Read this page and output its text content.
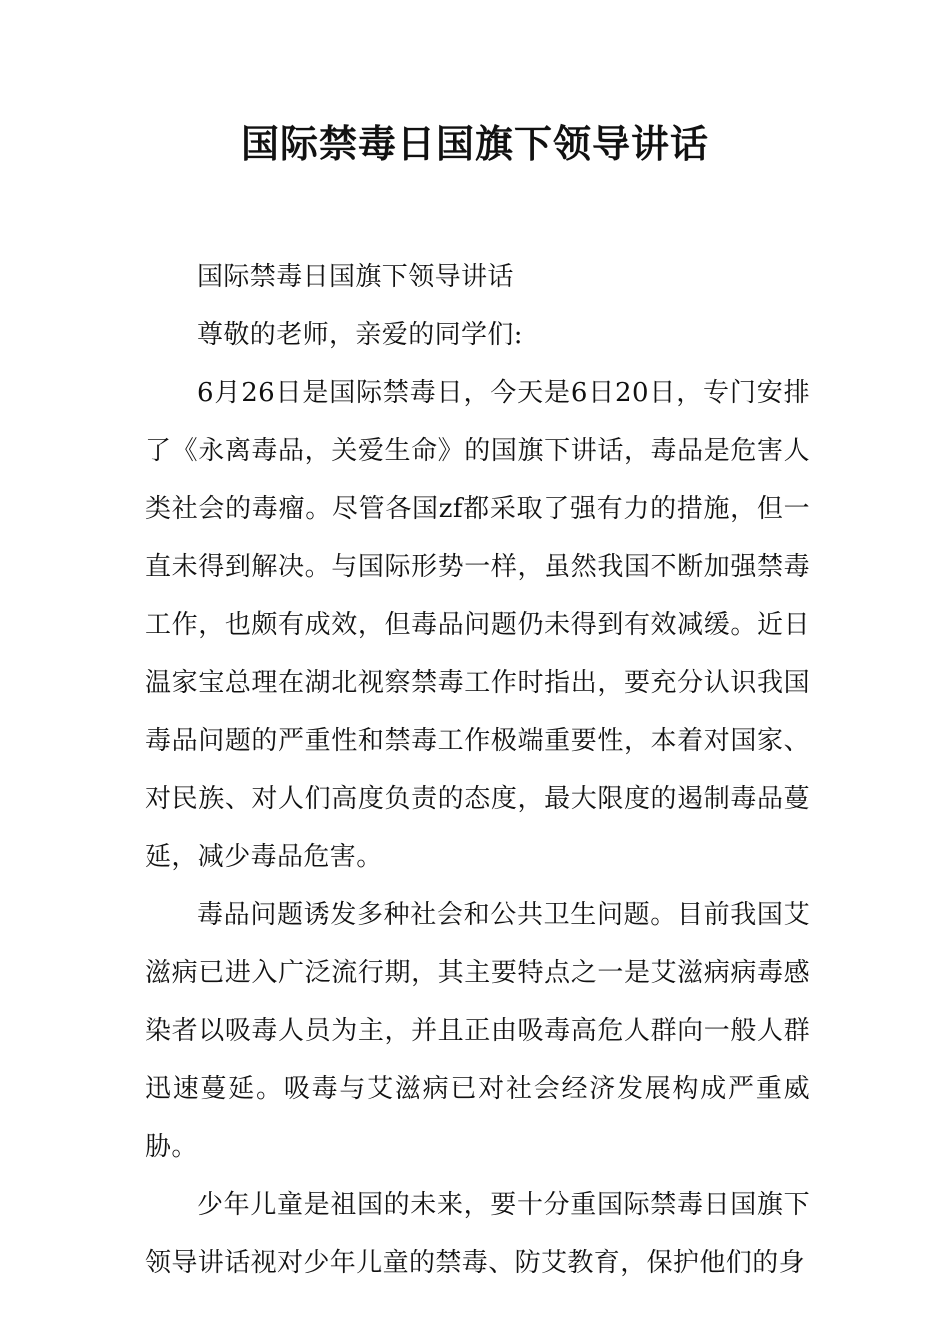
国际禁毒日国旗下领导讲话

国际禁毒日国旗下领导讲话

尊敬的老师，亲爱的同学们:

6月26日是国际禁毒日，今天是6日20日，专门安排了《永离毒品，关爱生命》的国旗下讲话，毒品是危害人类社会的毒瘤。尽管各国zf都采取了强有力的措施，但一直未得到解决。与国际形势一样，虽然我国不断加强禁毒工作，也颇有成效，但毒品问题仍未得到有效减缓。近日温家宝总理在湖北视察禁毒工作时指出，要充分认识我国毒品问题的严重性和禁毒工作极端重要性，本着对国家、对民族、对人们高度负责的态度，最大限度的遏制毒品蔓延，减少毒品危害。

毒品问题诱发多种社会和公共卫生问题。目前我国艾滋病已进入广泛流行期，其主要特点之一是艾滋病病毒感染者以吸毒人员为主，并且正由吸毒高危人群向一般人群迅速蔓延。吸毒与艾滋病已对社会经济发展构成严重威胁。

少年儿童是祖国的未来，要十分重国际禁毒日国旗下领导讲话视对少年儿童的禁毒、防艾教育，保护他们的身
